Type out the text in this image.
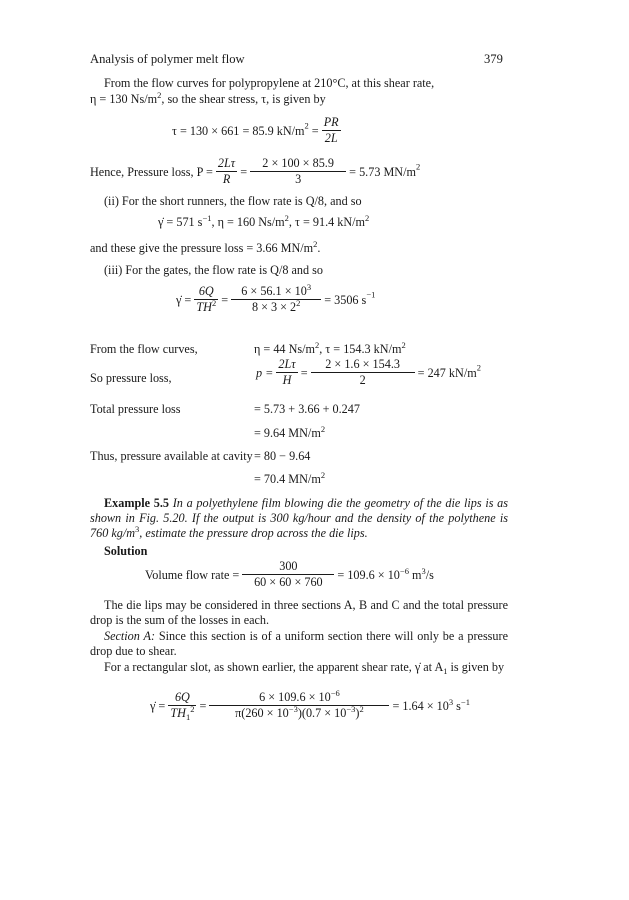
Analysis of polymer melt flow	379
From the flow curves for polypropylene at 210°C, at this shear rate,
η = 130 $Ns/m^2$, so the shear stress, τ, is given by
τ = 130 × 661 = 85.9 $kN/m^2 = \frac{PR}{2L}$
Hence, Pressure loss, $P = \frac{2L\tau}{R} = \frac{2 \times 100 \times 85.9}{3} = 5.73$ $MN/m^2$
(ii) For the short runners, the flow rate is Q/8, and so
γ̇ = 571 $s^{-1}$, η = 160 $Ns/m^2$, τ = 91.4 $kN/m^2$
and these give the pressure loss = 3.66 $MN/m^2$.
(iii) For the gates, the flow rate is Q/8 and so
γ̇ = $\frac{6Q}{TH^2} = \frac{6 \times 56.1 \times 10^3}{8 \times 3 \times 2^2} = 3506$ $s^{-1}$
From the flow curves,	η = 44 $Ns/m^2$, τ = 154.3 $kN/m^2$
So pressure loss,	$p = \frac{2L\tau}{H} = \frac{2 \times 1.6 \times 154.3}{2} = 247$ $kN/m^2$
Total pressure loss	= 5.73 + 3.66 + 0.247
= 9.64 $MN/m^2$
Thus, pressure available at cavity = 80 − 9.64
= 70.4 $MN/m^2$
Example 5.5 In a polyethylene film blowing die the geometry of the die lips is as shown in Fig. 5.20. If the output is 300 kg/hour and the density of the polythene is 760 $kg/m^3$, estimate the pressure drop across the die lips.
Solution
Volume flow rate = $\frac{300}{60 \times 60 \times 760} = 109.6 \times 10^{-6}$ $m^3/s$
The die lips may be considered in three sections A, B and C and the total pressure drop is the sum of the losses in each.
Section A: Since this section is of a uniform section there will only be a pressure drop due to shear.
For a rectangular slot, as shown earlier, the apparent shear rate, γ̇ at $A_1$ is given by
γ̇ = $\frac{6Q}{TH_1^2} = \frac{6 \times 109.6 \times 10^{-6}}{\pi(260 \times 10^{-3})(0.7 \times 10^{-3})^2} = 1.64 \times 10^3$ $s^{-1}$
